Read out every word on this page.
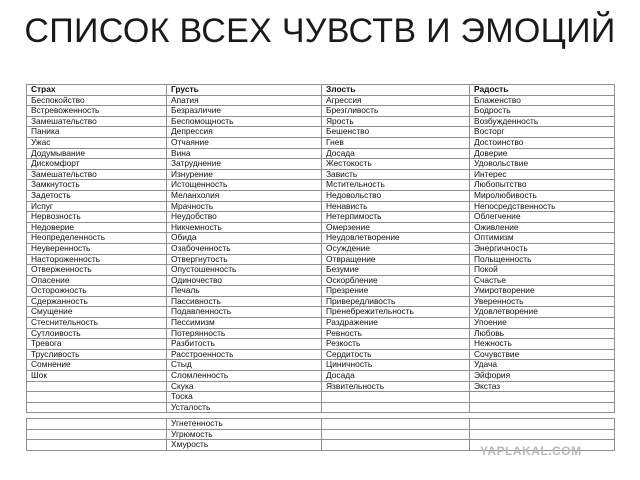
СПИСОК ВСЕХ ЧУВСТВ И ЭМОЦИЙ
Страх	Грусть	Злость	Радость
Беспокойство	Апатия	Агрессия	Блаженство
Встревоженность	Безразличие	Брезгливость	Бодрость
Замешательство	Беспомощность	Ярость	Возбужденность
Паника	Депрессия	Бешенство	Восторг
Ужас	Отчаяние	Гнев	Достоинство
Додумывание	Вина	Досада	Доверие
Дискомфорт	Затруднение	Жестокость	Удовольствие
Замешательство	Изнурение	Зависть	Интерес
Замкнутость	Истощенность	Мстительность	Любопытство
Задетость	Меланхолия	Недовольство	Миролюбивость
Испуг	Мрачность	Ненависть	Непосредственность
Нервозность	Неудобство	Нетерпимость	Облегчение
Недоверие	Никчемность	Омерзение	Оживление
Неопределенность	Обида	Неудовлетворение	Оптимизм
Неуверенность	Озабоченность	Осуждение	Энергичность
Настороженность	Отвергнутость	Отвращение	Польщенность
Отверженность	Опустошенность	Безумие	Покой
Опасение	Одиночество	Оскорбление	Счастье
Осторожность	Печаль	Презрение	Умиротворение
Сдержанность	Пассивность	Привередливость	Уверенность
Смущение	Подавленность	Пренебрежительность	Удовлетворение
Стеснительность	Пессимизм	Раздражение	Упоение
Сутлоивость	Потерянность	Ревность	Любовь
Тревога	Разбитость	Резкость	Нежность
Трусливость	Расстроенность	Сердитость	Сочувствие
Сомнение	Стыд	Циничность	Удача
Шок	Сломленность	Досада	Эйфория
	Скука	Язвительность	Экстаз
	Тоска		
	Усталость		
	Угнетенность		
	Угрюмость		
	Хмурость			YAPLAKAL.COM
